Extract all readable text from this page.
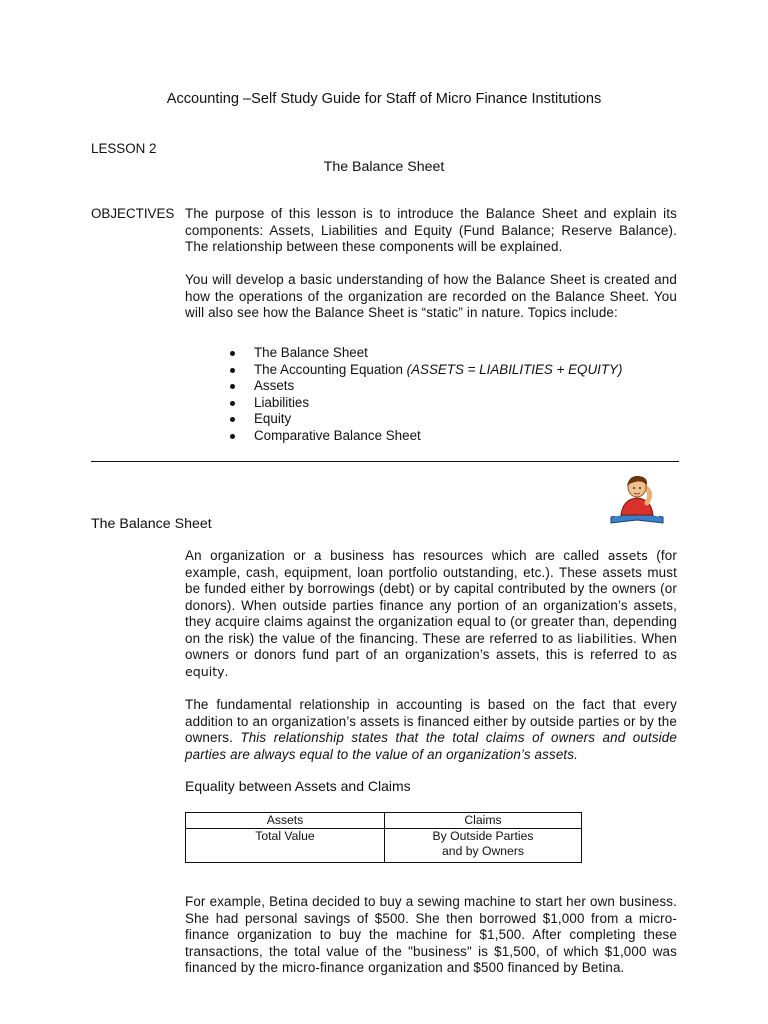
Accounting –Self Study Guide for Staff of Micro Finance Institutions
LESSON 2
The Balance Sheet
OBJECTIVES The purpose of this lesson is to introduce the Balance Sheet and explain its components: Assets, Liabilities and Equity (Fund Balance; Reserve Balance). The relationship between these components will be explained.

You will develop a basic understanding of how the Balance Sheet is created and how the operations of the organization are recorded on the Balance Sheet. You will also see how the Balance Sheet is “static” in nature. Topics include:

The Balance Sheet
The Accounting Equation (ASSETS = LIABILITIES + EQUITY)
Assets
Liabilities
Equity
Comparative Balance Sheet
The Balance Sheet

An organization or a business has resources which are called assets (for example, cash, equipment, loan portfolio outstanding, etc.). These assets must be funded either by borrowings (debt) or by capital contributed by the owners (or donors). When outside parties finance any portion of an organization’s assets, they acquire claims against the organization equal to (or greater than, depending on the risk) the value of the financing. These are referred to as liabilities. When owners or donors fund part of an organization’s assets, this is referred to as equity.

The fundamental relationship in accounting is based on the fact that every addition to an organization’s assets is financed either by outside parties or by the owners. This relationship states that the total claims of owners and outside parties are always equal to the value of an organization’s assets.

Equality between Assets and Claims
Assets	Claims
Total Value	By Outside Parties
and by Owners

For example, Betina decided to buy a sewing machine to start her own business. She had personal savings of $500. She then borrowed $1,000 from a micro-finance organization to buy the machine for $1,500. After completing these transactions, the total value of the "business" is $1,500, of which $1,000 was financed by the micro-finance organization and $500 financed by Betina.
